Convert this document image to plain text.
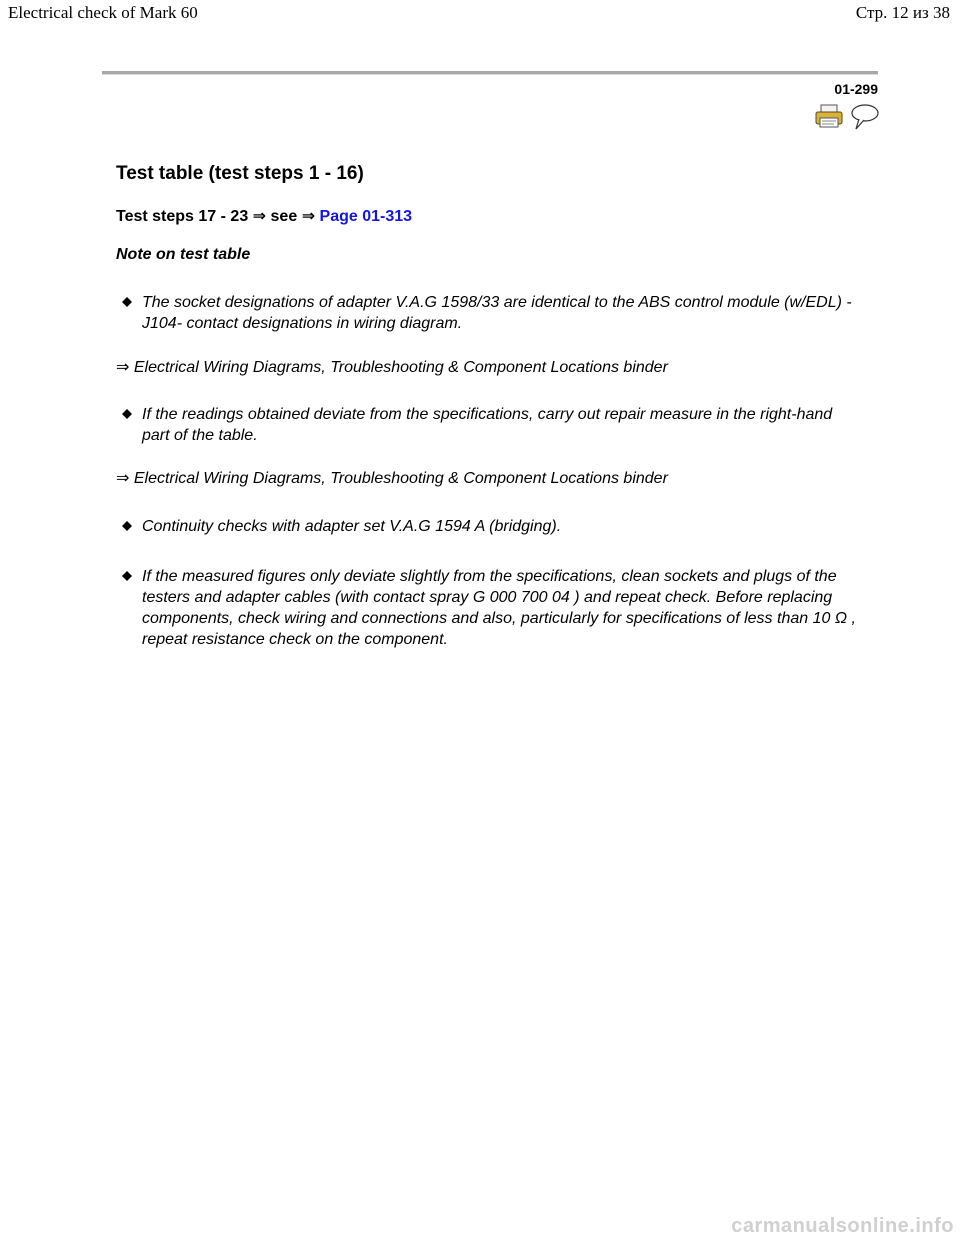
Electrical check of Mark 60	Стр. 12 из 38
01-299
Test table (test steps 1 - 16)
Test steps 17 - 23 ⇒ see ⇒ Page 01-313
Note on test table
The socket designations of adapter V.A.G 1598/33 are identical to the ABS control module (w/EDL) -J104- contact designations in wiring diagram.
⇒ Electrical Wiring Diagrams, Troubleshooting & Component Locations binder
If the readings obtained deviate from the specifications, carry out repair measure in the right-hand part of the table.
⇒ Electrical Wiring Diagrams, Troubleshooting & Component Locations binder
Continuity checks with adapter set V.A.G 1594 A (bridging).
If the measured figures only deviate slightly from the specifications, clean sockets and plugs of the testers and adapter cables (with contact spray G 000 700 04 ) and repeat check. Before replacing components, check wiring and connections and also, particularly for specifications of less than 10 Ω , repeat resistance check on the component.
carmanualsonline.info
